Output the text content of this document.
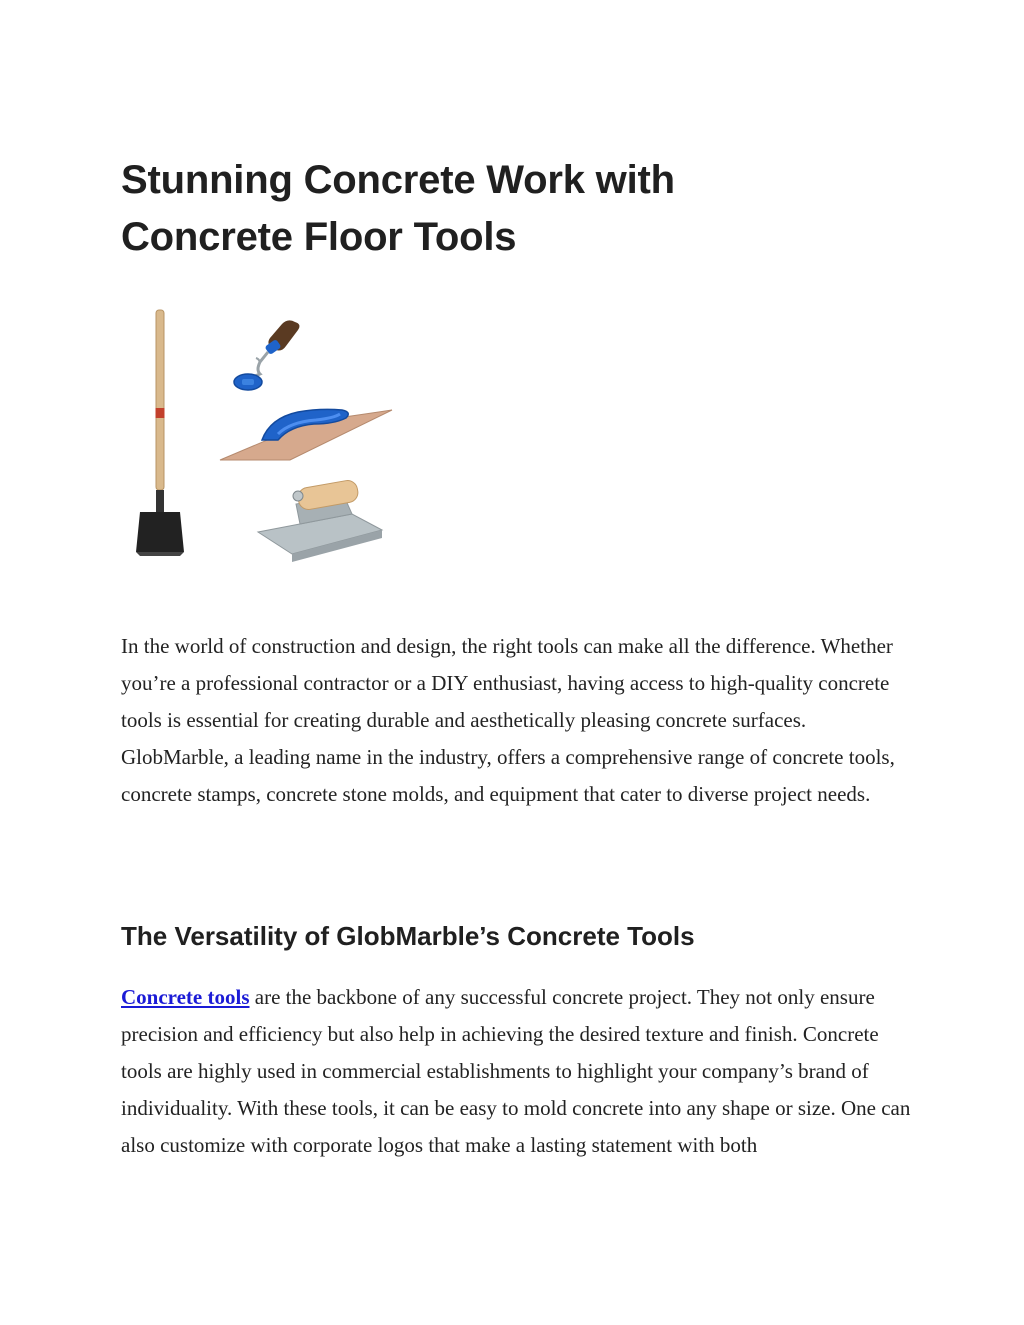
Stunning Concrete Work with Concrete Floor Tools

In the world of construction and design, the right tools can make all the difference. Whether you’re a professional contractor or a DIY enthusiast, having access to high-quality concrete tools is essential for creating durable and aesthetically pleasing concrete surfaces. GlobMarble, a leading name in the industry, offers a comprehensive range of concrete tools, concrete stamps, concrete stone molds, and equipment that cater to diverse project needs.

The Versatility of GlobMarble’s Concrete Tools

Concrete tools are the backbone of any successful concrete project. They not only ensure precision and efficiency but also help in achieving the desired texture and finish. Concrete tools are highly used in commercial establishments to highlight your company’s brand of individuality. With these tools, it can be easy to mold concrete into any shape or size. One can also customize with corporate logos that make a lasting statement with both
